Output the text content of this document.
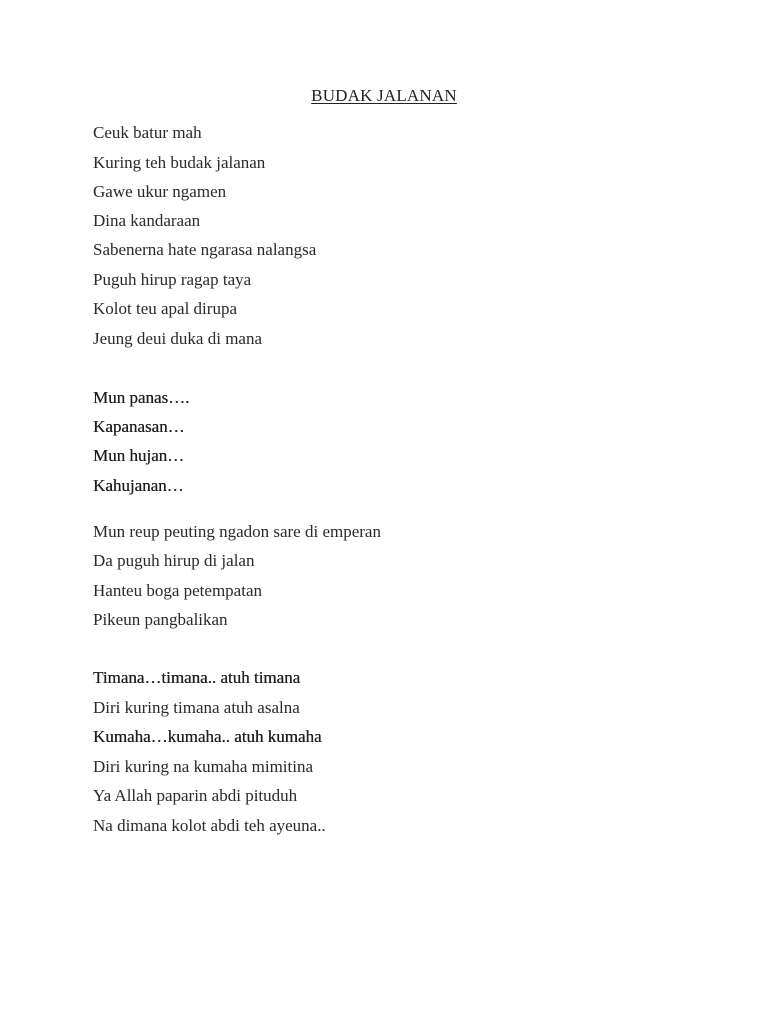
BUDAK JALANAN

Ceuk batur mah

Kuring teh budak jalanan

Gawe ukur ngamen

Dina kandaraan

Sabenerna hate ngarasa nalangsa

Puguh hirup ragap taya

Kolot teu apal dirupa

Jeung deui duka di mana

Mun panas….

Kapanasan…

Mun hujan…

Kahujanan…

Mun reup peuting ngadon sare di emperan

Da puguh hirup di jalan

Hanteu boga petempatan

Pikeun pangbalikan

Timana…timana.. atuh timana

Diri kuring timana atuh asalna

Kumaha…kumaha.. atuh kumaha

Diri kuring na kumaha mimitina

Ya Allah paparin abdi pituduh

Na dimana kolot abdi teh ayeuna..
